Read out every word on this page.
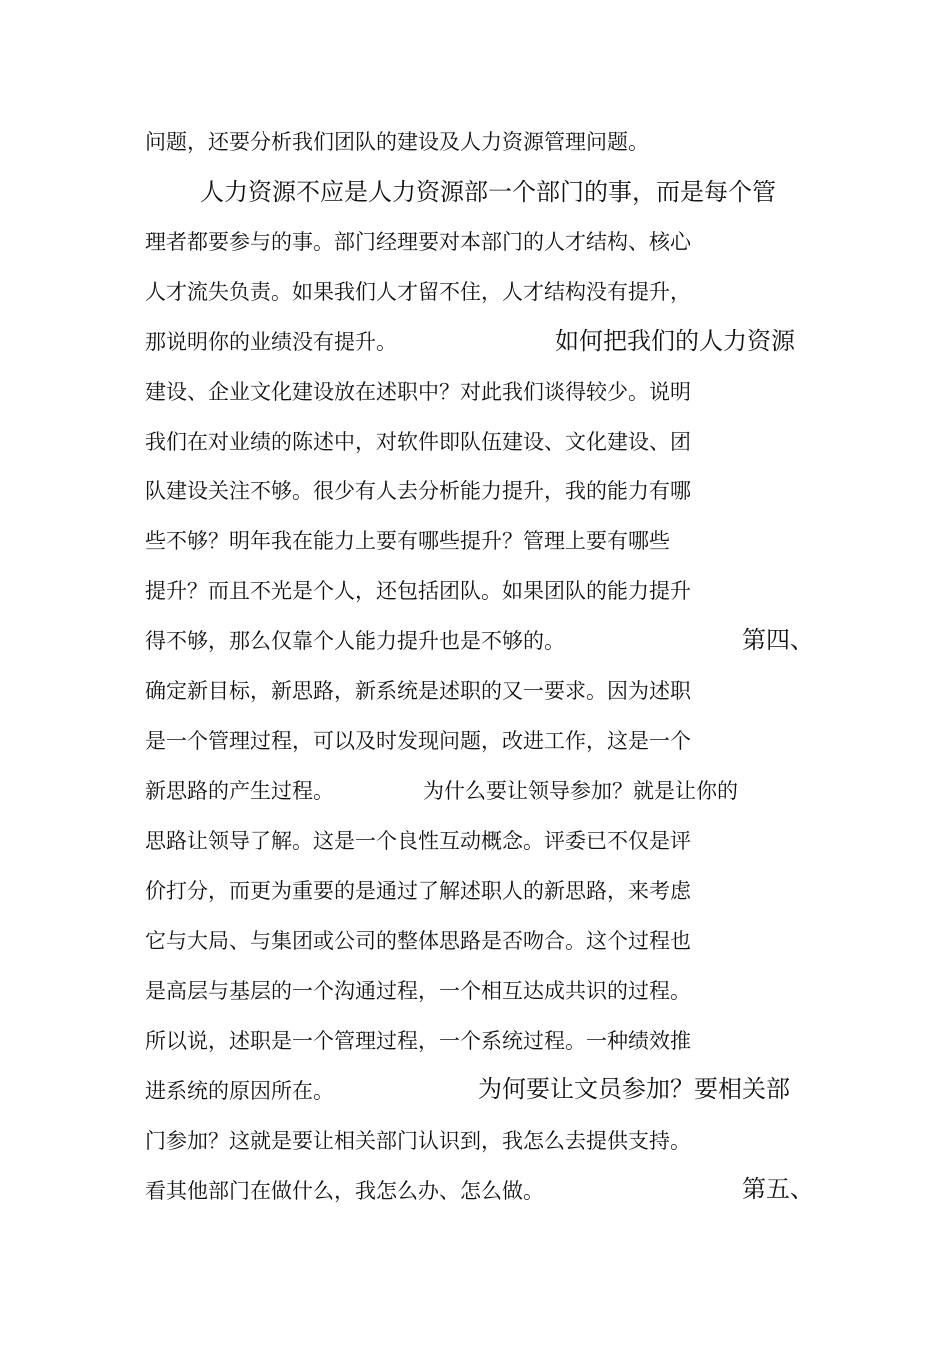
问题，还要分析我们团队的建设及人力资源管理问题。
人力资源不应是人力资源部一个部门的事，而是每个管
理者都要参与的事。部门经理要对本部门的人才结构、核心
人才流失负责。如果我们人才留不住，人才结构没有提升，
那说明你的业绩没有提升。	如何把我们的人力资源
建设、企业文化建设放在述职中？对此我们谈得较少。说明
我们在对业绩的陈述中，对软件即队伍建设、文化建设、团
队建设关注不够。很少有人去分析能力提升，我的能力有哪
些不够？明年我在能力上要有哪些提升？管理上要有哪些
提升？而且不光是个人，还包括团队。如果团队的能力提升
得不够，那么仅靠个人能力提升也是不够的。	第四、
确定新目标，新思路，新系统是述职的又一要求。因为述职
是一个管理过程，可以及时发现问题，改进工作，这是一个
新思路的产生过程。	为什么要让领导参加？就是让你的
思路让领导了解。这是一个良性互动概念。评委已不仅是评
价打分，而更为重要的是通过了解述职人的新思路，来考虑
它与大局、与集团或公司的整体思路是否吻合。这个过程也
是高层与基层的一个沟通过程，一个相互达成共识的过程。
所以说，述职是一个管理过程，一个系统过程。一种绩效推
进系统的原因所在。	为何要让文员参加？要相关部
门参加？这就是要让相关部门认识到，我怎么去提供支持。
看其他部门在做什么，我怎么办、怎么做。	第五、
